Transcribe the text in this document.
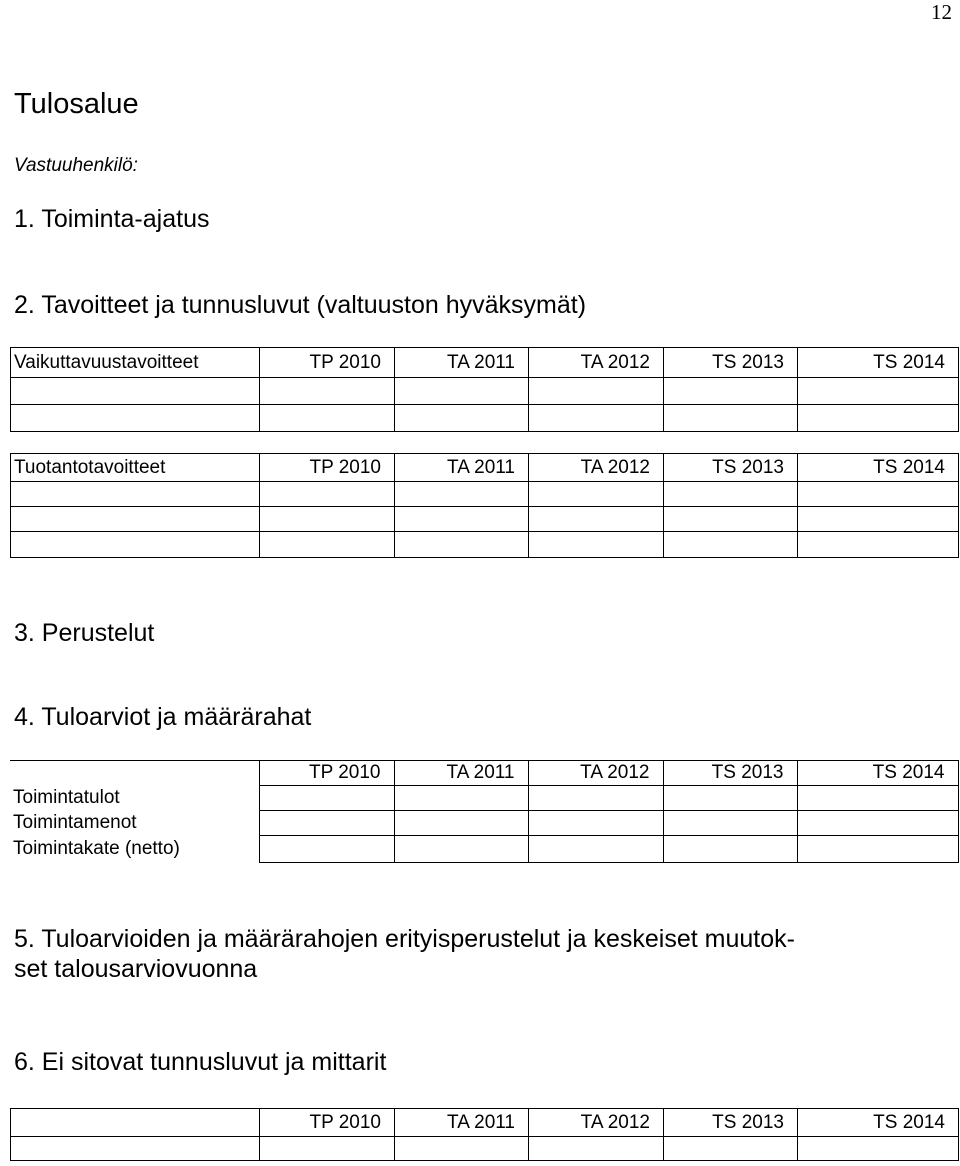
12
Tulosalue
Vastuuhenkilö:
1. Toiminta-ajatus
2. Tavoitteet ja tunnusluvut (valtuuston hyväksymät)
Vaikuttavuustavoitteet	TP 2010	TA 2011	TA 2012	TS 2013	TS 2014

Tuotantotavoitteet	TP 2010	TA 2011	TA 2012	TS 2013	TS 2014

3. Perustelut
4. Tuloarviot ja määrärahat
	TP 2010	TA 2011	TA 2012	TS 2013	TS 2014
Toimintatulot					
Toimintamenot					
Toimintakate (netto)					
5. Tuloarvioiden ja määrärahojen erityisperustelut ja keskeiset muutok-
set talousarviovuonna
6. Ei sitovat tunnusluvut ja mittarit
	TP 2010	TA 2011	TA 2012	TS 2013	TS 2014
